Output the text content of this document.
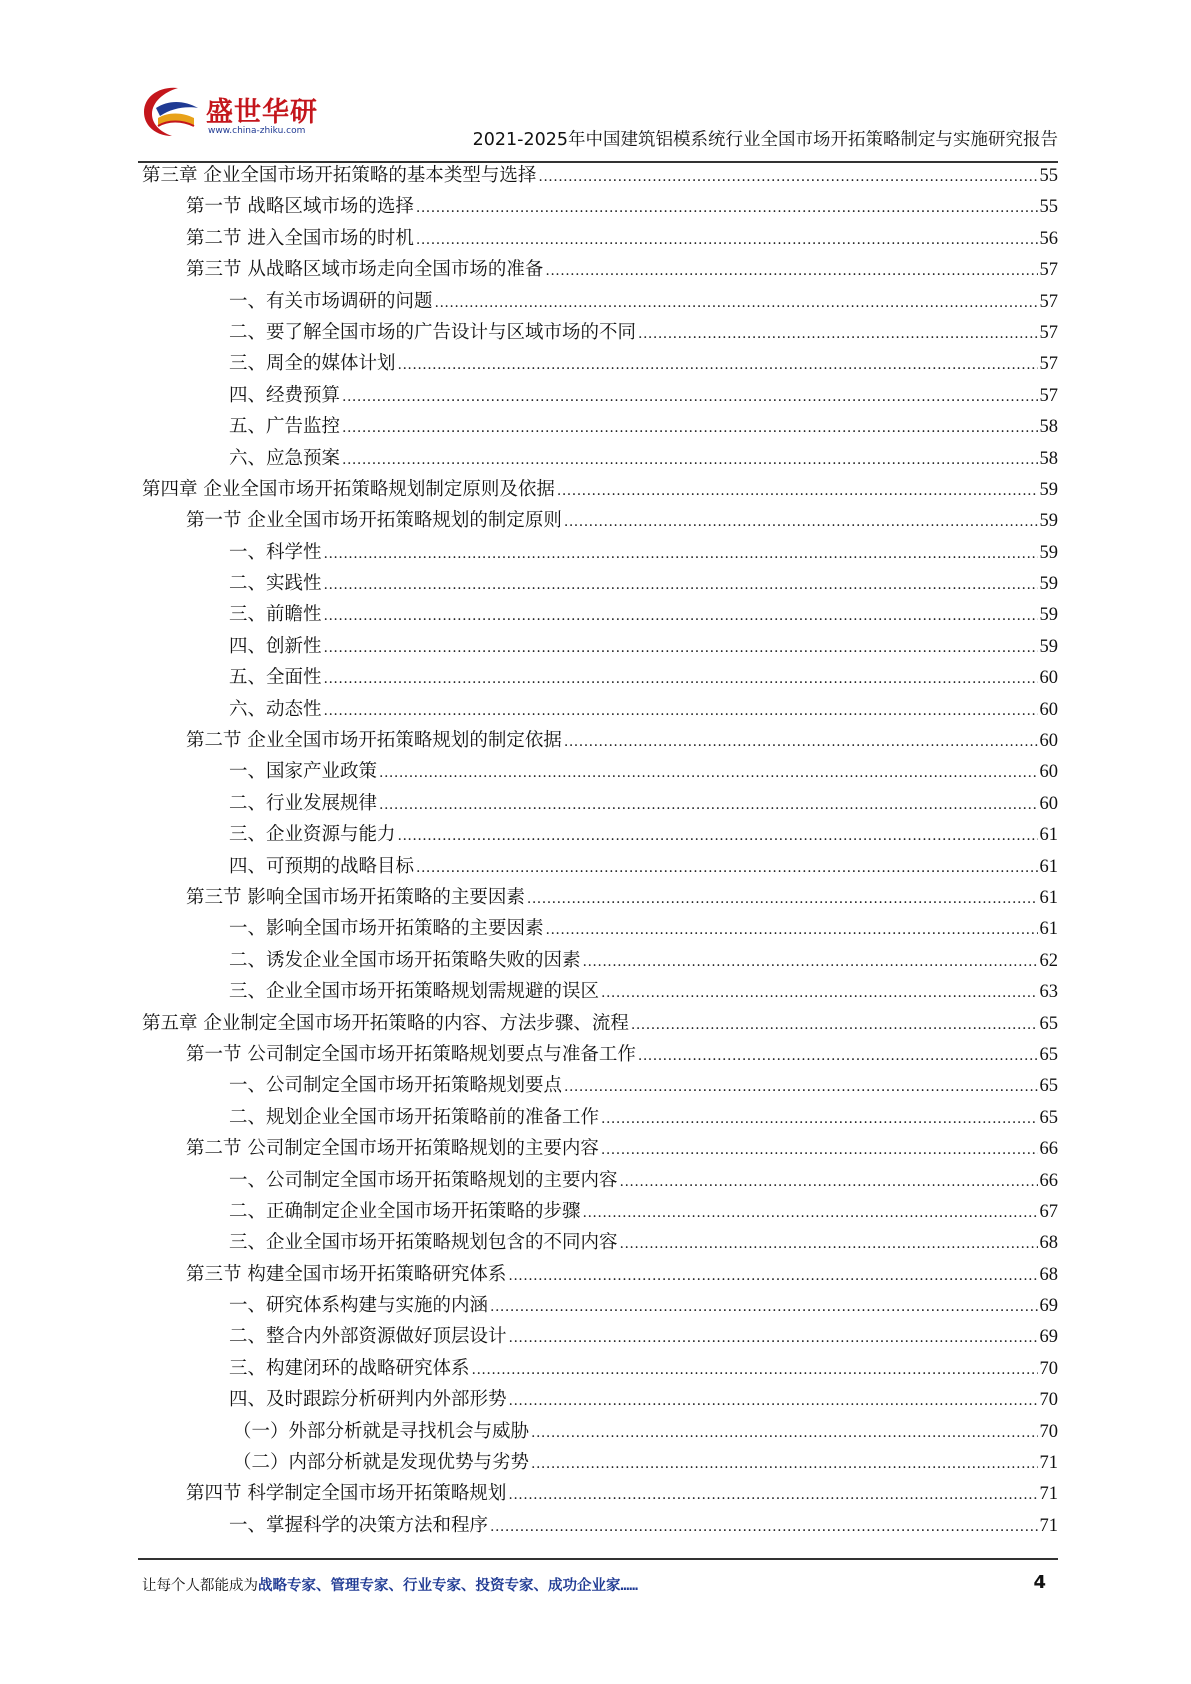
盛世华研
www.china-zhiku.com	2021-2025年中国建筑铝模系统行业全国市场开拓策略制定与实施研究报告
第三章 企业全国市场开拓策略的基本类型与选择 .....	55
第一节 战略区域市场的选择 .....	55
第二节 进入全国市场的时机 .....	56
第三节 从战略区域市场走向全国市场的准备 .....	57
一、有关市场调研的问题 .....	57
二、要了解全国市场的广告设计与区域市场的不同 .....	57
三、周全的媒体计划 .....	57
四、经费预算 .....	57
五、广告监控 .....	58
六、应急预案 .....	58
第四章 企业全国市场开拓策略规划制定原则及依据 .....	59
第一节 企业全国市场开拓策略规划的制定原则 .....	59
一、科学性 .....	59
二、实践性 .....	59
三、前瞻性 .....	59
四、创新性 .....	59
五、全面性 .....	60
六、动态性 .....	60
第二节 企业全国市场开拓策略规划的制定依据 .....	60
一、国家产业政策 .....	60
二、行业发展规律 .....	60
三、企业资源与能力 .....	61
四、可预期的战略目标 .....	61
第三节 影响全国市场开拓策略的主要因素 .....	61
一、影响全国市场开拓策略的主要因素 .....	61
二、诱发企业全国市场开拓策略失败的因素 .....	62
三、企业全国市场开拓策略规划需规避的误区 .....	63
第五章 企业制定全国市场开拓策略的内容、方法步骤、流程 .....	65
第一节 公司制定全国市场开拓策略规划要点与准备工作 .....	65
一、公司制定全国市场开拓策略规划要点 .....	65
二、规划企业全国市场开拓策略前的准备工作 .....	65
第二节 公司制定全国市场开拓策略规划的主要内容 .....	66
一、公司制定全国市场开拓策略规划的主要内容 .....	66
二、正确制定企业全国市场开拓策略的步骤 .....	67
三、企业全国市场开拓策略规划包含的不同内容 .....	68
第三节 构建全国市场开拓策略研究体系 .....	68
一、研究体系构建与实施的内涵 .....	69
二、整合内外部资源做好顶层设计 .....	69
三、构建闭环的战略研究体系 .....	70
四、及时跟踪分析研判内外部形势 .....	70
（一）外部分析就是寻找机会与威胁 .....	70
（二）内部分析就是发现优势与劣势 .....	71
第四节 科学制定全国市场开拓策略规划 .....	71
一、掌握科学的决策方法和程序 .....	71
让每个人都能成为战略专家、管理专家、行业专家、投资专家、成功企业家……	4
